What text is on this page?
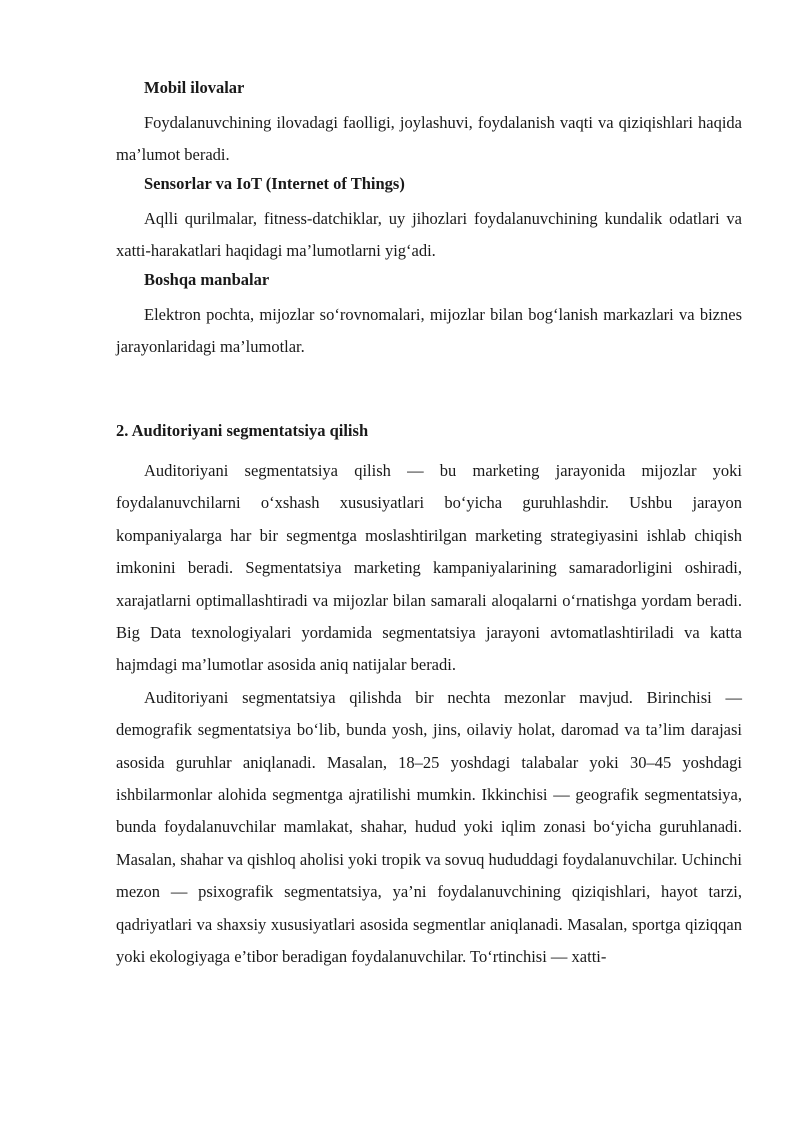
Mobil ilovalar

Foydalanuvchining ilovadagi faolligi, joylashuvi, foydalanish vaqti va qiziqishlari haqida ma’lumot beradi.

Sensorlar va IoT (Internet of Things)

Aqlli qurilmalar, fitness-datchiklar, uy jihozlari foydalanuvchining kundalik odatlari va xatti-harakatlari haqidagi ma’lumotlarni yig‘adi.

Boshqa manbalar

Elektron pochta, mijozlar so‘rovnomalari, mijozlar bilan bog‘lanish markazlari va biznes jarayonlaridagi ma’lumotlar.

2. Auditoriyani segmentatsiya qilish

Auditoriyani segmentatsiya qilish — bu marketing jarayonida mijozlar yoki foydalanuvchilarni o‘xshash xususiyatlari bo‘yicha guruhlashdir. Ushbu jarayon kompaniyalarga har bir segmentga moslashtirilgan marketing strategiyasini ishlab chiqish imkonini beradi. Segmentatsiya marketing kampaniyalarining samaradorligini oshiradi, xarajatlarni optimallashtiradi va mijozlar bilan samarali aloqalarni o‘rnatishga yordam beradi. Big Data texnologiyalari yordamida segmentatsiya jarayoni avtomatlashtiriladi va katta hajmdagi ma’lumotlar asosida aniq natijalar beradi.

Auditoriyani segmentatsiya qilishda bir nechta mezonlar mavjud. Birinchisi — demografik segmentatsiya bo‘lib, bunda yosh, jins, oilaviy holat, daromad va ta’lim darajasi asosida guruhlar aniqlanadi. Masalan, 18–25 yoshdagi talabalar yoki 30–45 yoshdagi ishbilarmonlar alohida segmentga ajratilishi mumkin. Ikkinchisi — geografik segmentatsiya, bunda foydalanuvchilar mamlakat, shahar, hudud yoki iqlim zonasi bo‘yicha guruhlanadi. Masalan, shahar va qishloq aholisi yoki tropik va sovuq hududdagi foydalanuvchilar. Uchinchi mezon — psixografik segmentatsiya, ya’ni foydalanuvchining qiziqishlari, hayot tarzi, qadriyatlari va shaxsiy xususiyatlari asosida segmentlar aniqlanadi. Masalan, sportga qiziqqan yoki ekologiyaga e’tibor beradigan foydalanuvchilar. To‘rtinchisi — xatti-
